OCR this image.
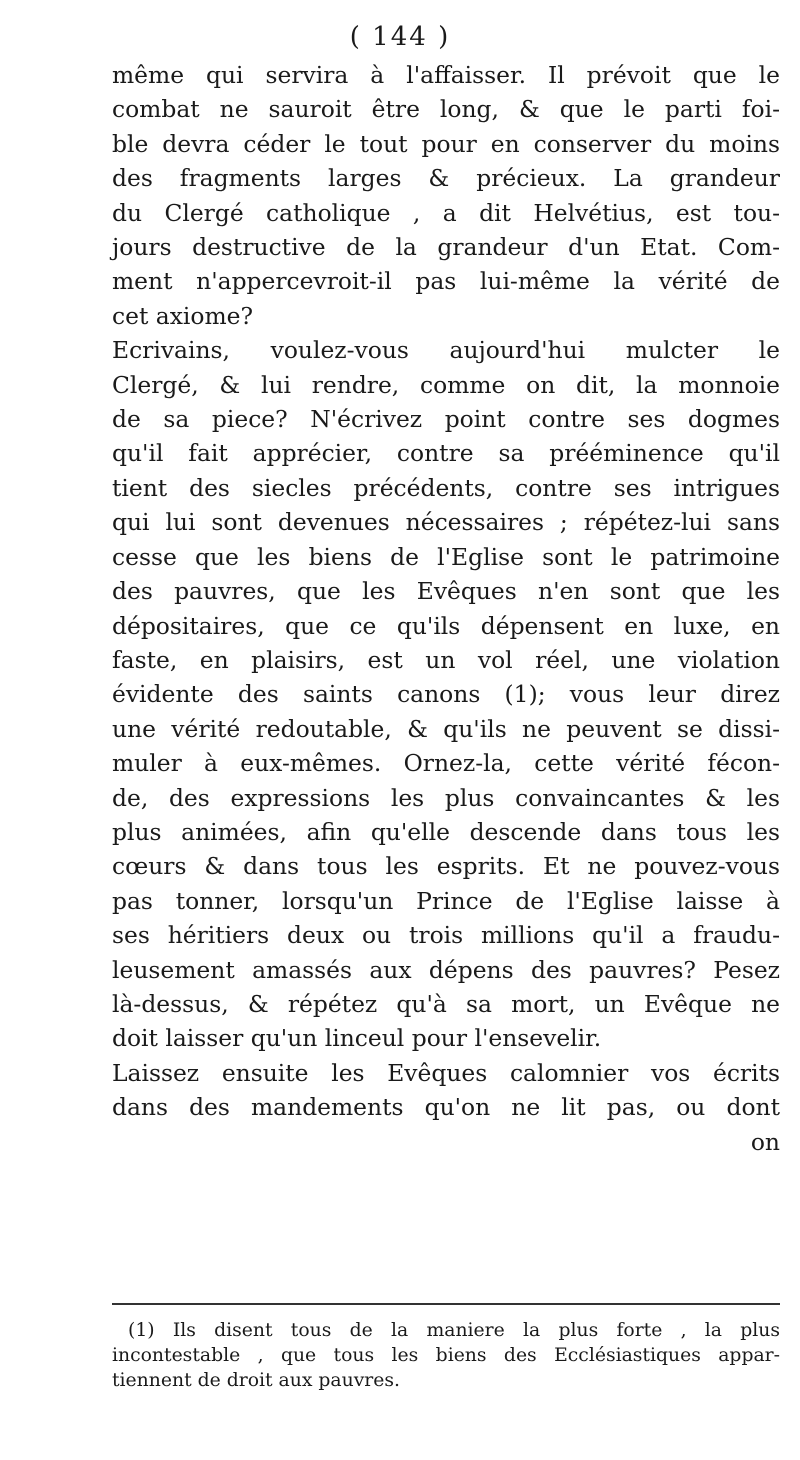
( 144 )
même qui servira à l'affaisser. Il prévoit que le
combat ne sauroit être long, & que le parti foi-
ble devra céder le tout pour en conserver du moins
des fragments larges & précieux. La grandeur
du Clergé catholique , a dit Helvétius, est tou-
jours destructive de la grandeur d'un Etat. Com-
ment n'appercevroit-il pas lui-même la vérité de
cet axiome?
Ecrivains, voulez-vous aujourd'hui mulcter le
Clergé, & lui rendre, comme on dit, la monnoie
de sa piece? N'écrivez point contre ses dogmes
qu'il fait apprécier, contre sa prééminence qu'il
tient des siecles précédents, contre ses intrigues
qui lui sont devenues nécessaires ; répétez-lui sans
cesse que les biens de l'Eglise sont le patrimoine
des pauvres, que les Evêques n'en sont que les
dépositaires, que ce qu'ils dépensent en luxe, en
faste, en plaisirs, est un vol réel, une violation
évidente des saints canons (1); vous leur direz
une vérité redoutable, & qu'ils ne peuvent se dissi-
muler à eux-mêmes. Ornez-la, cette vérité fécon-
de, des expressions les plus convaincantes & les
plus animées, afin qu'elle descende dans tous les
cœurs & dans tous les esprits. Et ne pouvez-vous
pas tonner, lorsqu'un Prince de l'Eglise laisse à
ses héritiers deux ou trois millions qu'il a fraudu-
leusement amassés aux dépens des pauvres? Pesez
là-dessus, & répétez qu'à sa mort, un Evêque ne
doit laisser qu'un linceul pour l'ensevelir.
Laissez ensuite les Evêques calomnier vos écrits
dans des mandements qu'on ne lit pas, ou dont
on
(1) Ils disent tous de la maniere la plus forte , la plus
incontestable , que tous les biens des Ecclésiastiques appar-
tiennent de droit aux pauvres.
